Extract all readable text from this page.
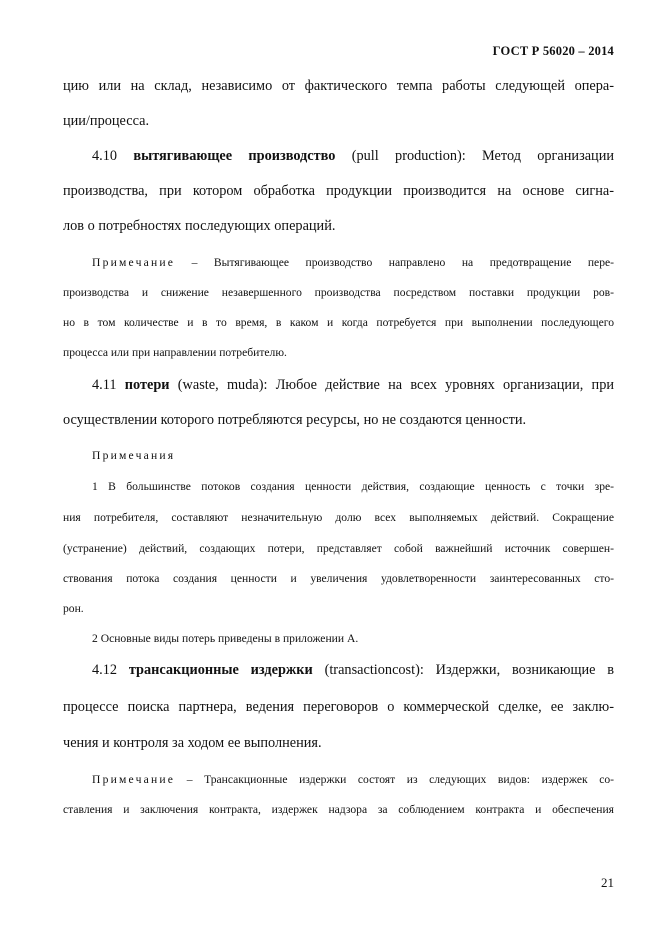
ГОСТ Р 56020 – 2014
цию или на склад, независимо от фактического темпа работы следующей опера-
ции/процесса.
4.10 вытягивающее производство (pull production): Метод организации
производства, при котором обработка продукции производится на основе сигна-
лов о потребностях последующих операций.
Примечание – Вытягивающее производство направлено на предотвращение пере-
производства и снижение незавершенного производства посредством поставки продукции ров-
но в том количестве и в то время, в каком и когда потребуется при выполнении последующего
процесса или при направлении потребителю.
4.11 потери (waste, muda): Любое действие на всех уровнях организации, при
осуществлении которого потребляются ресурсы, но не создаются ценности.
Примечания
1 В большинстве потоков создания ценности действия, создающие ценность с точки зре-
ния потребителя, составляют незначительную долю всех выполняемых действий. Сокращение
(устранение) действий, создающих потери, представляет собой важнейший источник совершен-
ствования потока создания ценности и увеличения удовлетворенности заинтересованных сто-
рон.
2 Основные виды потерь приведены в приложении А.
4.12 трансакционные издержки (transactioncost): Издержки, возникающие в
процессе поиска партнера, ведения переговоров о коммерческой сделке, ее заклю-
чения и контроля за ходом ее выполнения.
Примечание – Трансакционные издержки состоят из следующих видов: издержек со-
ставления и заключения контракта, издержек надзора за соблюдением контракта и обеспечения
21
